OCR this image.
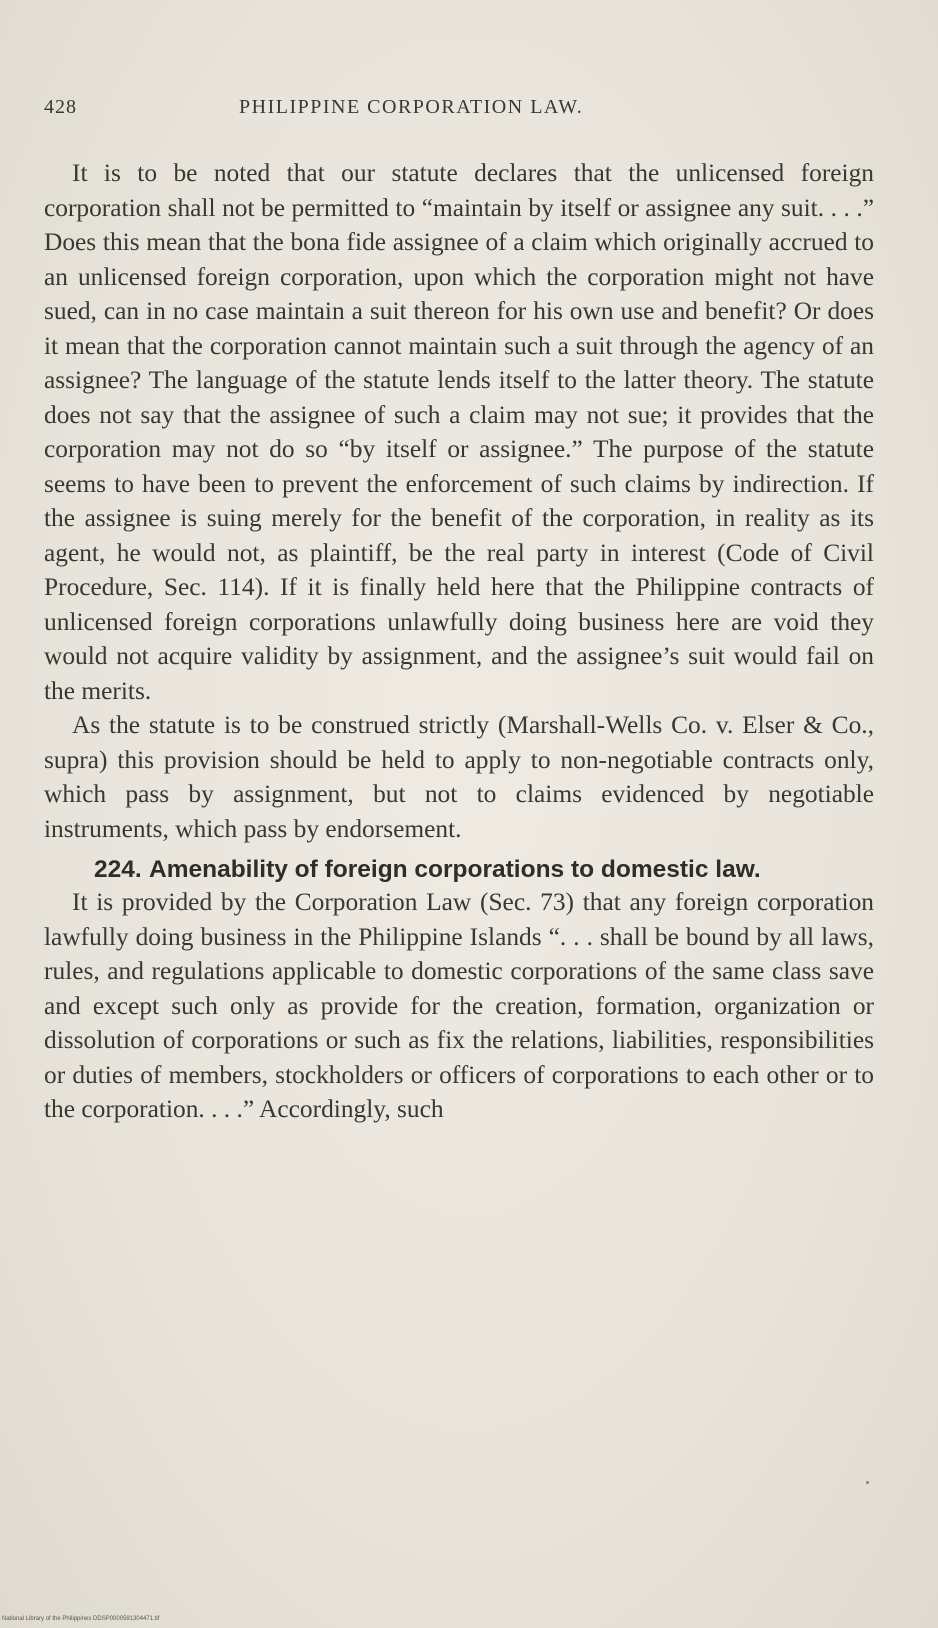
428	PHILIPPINE CORPORATION LAW.

It is to be noted that our statute declares that the unlicensed foreign corporation shall not be permitted to “maintain by itself or assignee any suit. . . .” Does this mean that the bona fide assignee of a claim which originally accrued to an unlicensed foreign corporation, upon which the corporation might not have sued, can in no case maintain a suit thereon for his own use and benefit? Or does it mean that the corporation cannot maintain such a suit through the agency of an assignee? The language of the statute lends itself to the latter theory. The statute does not say that the assignee of such a claim may not sue; it provides that the corporation may not do so “by itself or assignee.” The purpose of the statute seems to have been to prevent the enforcement of such claims by indirection. If the assignee is suing merely for the benefit of the corporation, in reality as its agent, he would not, as plaintiff, be the real party in interest (Code of Civil Procedure, Sec. 114). If it is finally held here that the Philippine contracts of unlicensed foreign corporations unlawfully doing business here are void they would not acquire validity by assignment, and the assignee’s suit would fail on the merits.

As the statute is to be construed strictly (Marshall-Wells Co. v. Elser & Co., supra) this provision should be held to apply to non-negotiable contracts only, which pass by assignment, but not to claims evidenced by negotiable instruments, which pass by endorsement.

224. Amenability of foreign corporations to domestic law.

It is provided by the Corporation Law (Sec. 73) that any foreign corporation lawfully doing business in the Philippine Islands “. . . shall be bound by all laws, rules, and regulations applicable to domestic corporations of the same class save and except such only as provide for the creation, formation, organization or dissolution of corporations or such as fix the relations, liabilities, responsibilities or duties of members, stockholders or officers of corporations to each other or to the corporation. . . .” Accordingly, such

National Library of the Philippines DDSP0000591304471.tif
